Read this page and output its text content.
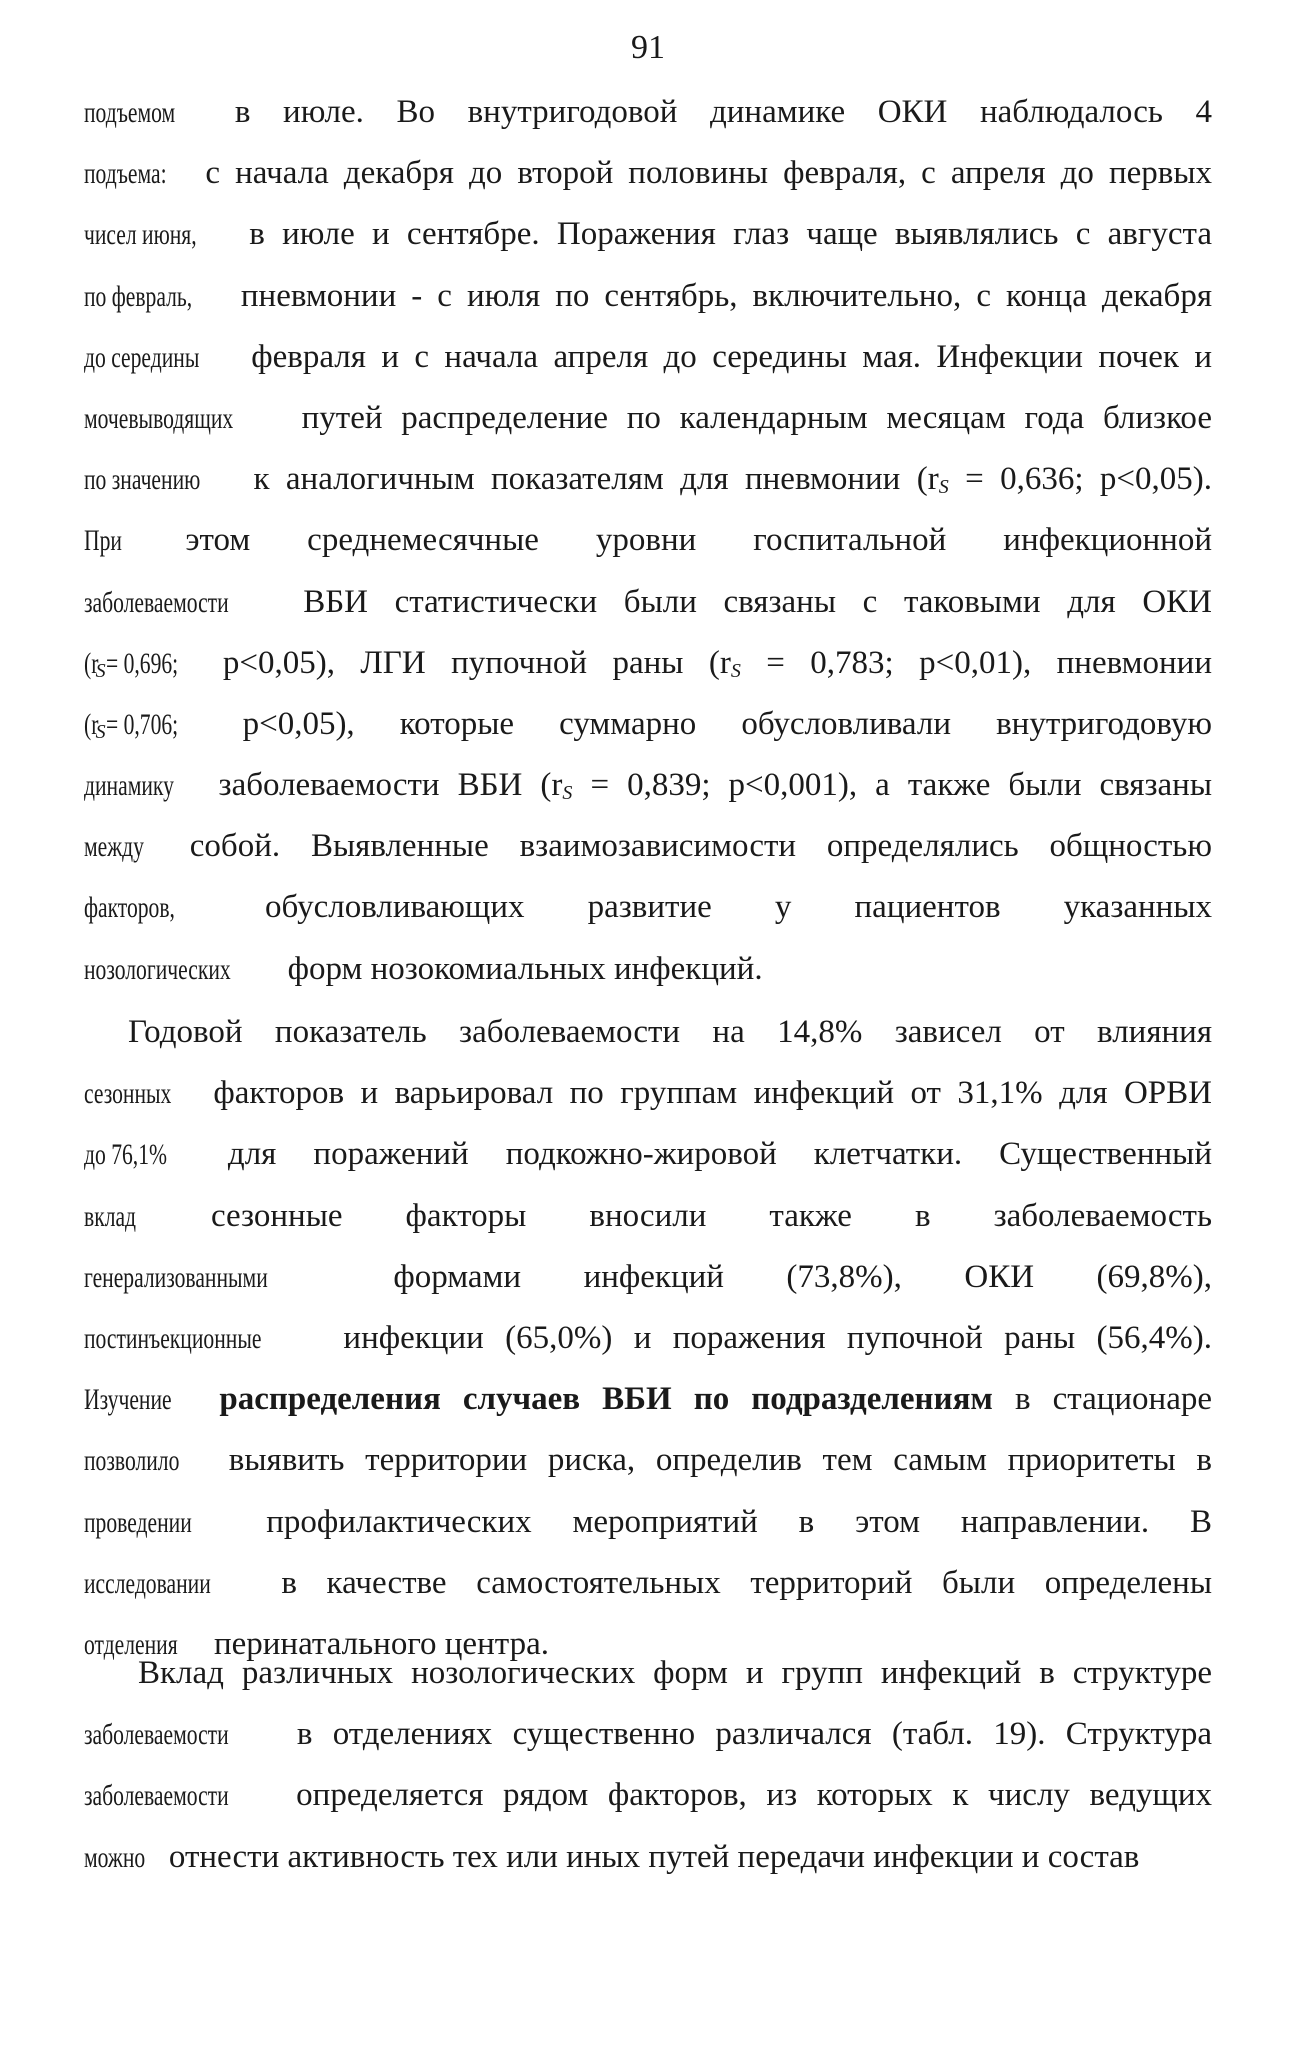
91
подъемом в июле. Во внутригодовой динамике ОКИ наблюдалось 4
подъема: с начала декабря до второй половины февраля, с апреля до первых
чисел июня, в июле и сентябре. Поражения глаз чаще выявлялись с августа
по февраль, пневмонии - с июля по сентябрь, включительно, с конца декабря
до середины февраля и с начала апреля до середины мая. Инфекции почек и
мочевыводящих путей распределение по календарным месяцам года близкое
по значению к аналогичным показателям для пневмонии ($r_S = 0,636$; p<0,05).
При этом среднемесячные уровни госпитальной инфекционной
заболеваемости ВБИ статистически были связаны с таковыми для ОКИ
($r_S= 0,696$; p<0,05), ЛГИ пупочной раны ($r_S = 0,783$; p<0,01), пневмонии
($r_S= 0,706$; p<0,05), которые суммарно обусловливали внутригодовую
динамику заболеваемости ВБИ ($r_S = 0,839$; p<0,001), а также были связаны
между собой. Выявленные взаимозависимости определялись общностью
факторов, обусловливающих развитие у пациентов указанных
нозологических форм нозокомиальных инфекций.
Годовой показатель заболеваемости на 14,8% зависел от влияния
сезонных факторов и варьировал по группам инфекций от 31,1% для ОРВИ
до 76,1% для поражений подкожно-жировой клетчатки. Существенный
вклад сезонные факторы вносили также в заболеваемость
генерализованными формами инфекций (73,8%), ОКИ (69,8%),
постинъекционные инфекции (65,0%) и поражения пупочной раны (56,4%).
Изучение распределения случаев ВБИ по подразделениям в стационаре
позволило выявить территории риска, определив тем самым приоритеты в
проведении профилактических мероприятий в этом направлении. В
исследовании в качестве самостоятельных территорий были определены
отделения перинатального центра.
Вклад различных нозологических форм и групп инфекций в структуре
заболеваемости в отделениях существенно различался (табл. 19). Структура
заболеваемости определяется рядом факторов, из которых к числу ведущих
можно отнести активность тех или иных путей передачи инфекции и состав
